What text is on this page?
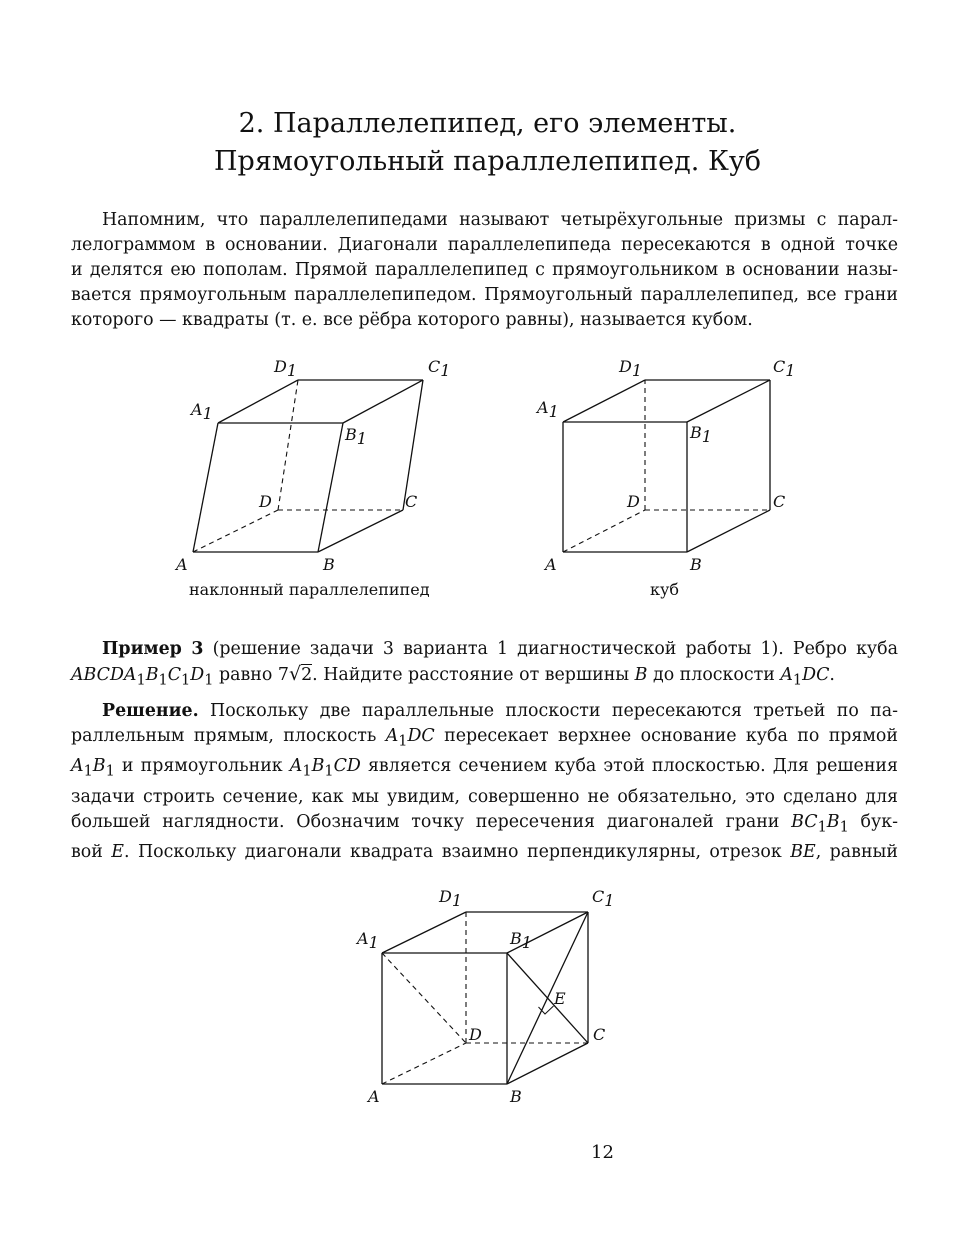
2. Параллелепипед, его элементы.
Прямоугольный параллелепипед. Куб
Напомним, что параллелепипедами называют четырёхугольные призмы с парал-
лелограммом в основании. Диагонали параллелепипеда пересекаются в одной точке
и делятся ею пополам. Прямой параллелепипед с прямоугольником в основании назы-
вается прямоугольным параллелепипедом. Прямоугольный параллелепипед, все грани
которого — квадраты (т. е. все рёбра которого равны), называется кубом.
A	B
C
D
A1
B1
C1
D1
наклонный параллелепипед
A	B
C
D
A1
B1
C1
D1
куб
Пример 3 (решение задачи 3 варианта 1 диагностической работы 1). Ребро куба
$ABCDA_1B_1C_1D_1$ равно 7√2. Найдите расстояние от вершины B до плоскости $A_1DC$.
Решение. Поскольку две параллельные плоскости пересекаются третьей по па-
раллельным прямым, плоскость $A_1DC$ пересекает верхнее основание куба по прямой
$A_1B_1$ и прямоугольник $A_1B_1CD$ является сечением куба этой плоскостью. Для решения
задачи строить сечение, как мы увидим, совершенно не обязательно, это сделано для
большей наглядности. Обозначим точку пересечения диагоналей грани $BC_1B_1$ бук-
вой E. Поскольку диагонали квадрата взаимно перпендикулярны, отрезок BE, равный
A	B
C
D
E
A1	B1
C1
D1
12
